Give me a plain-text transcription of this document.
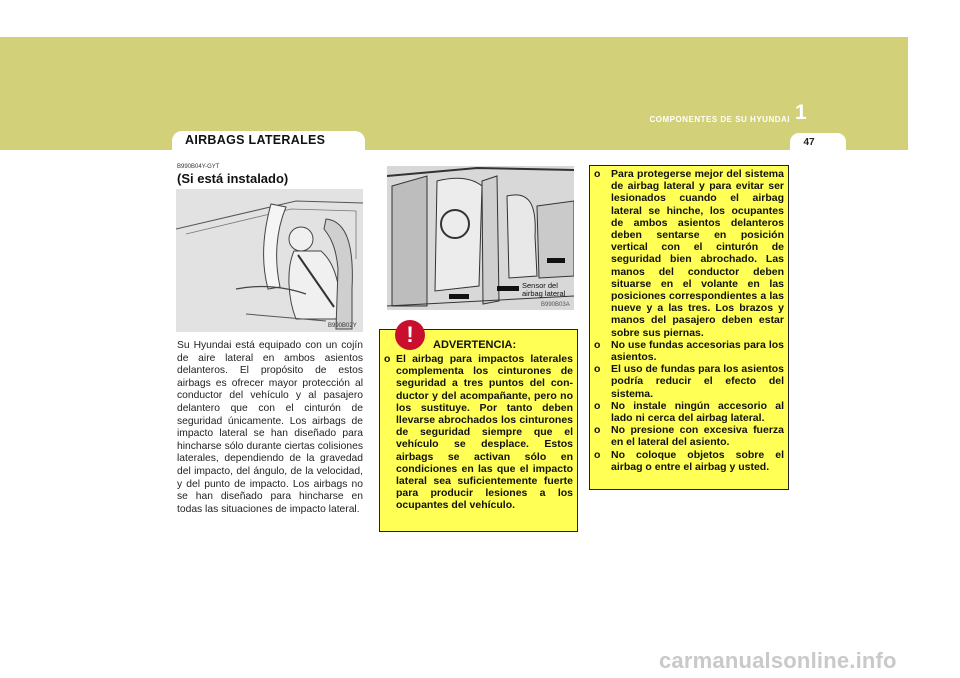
1
COMPONENTES DE SU HYUNDAI
47
AIRBAGS LATERALES
B990B04Y-GYT
(Si está instalado)
B990B02Y

Su Hyundai está equipado con un cojín de aire lateral en ambos asientos delanteros. El propósito de estos airbags es ofrecer mayor protección al conductor del vehículo y al pasajero delantero que con el cinturón de seguridad únicamente. Los airbags de impacto lateral se han diseñado para hincharse sólo durante ciertas colisiones laterales, dependiendo de la gravedad del impacto, del ángulo, de la velocidad, y del punto de impacto. Los airbags no se han diseñado para hincharse en todas las situaciones de impacto lateral.

Sensor del airbag lateral
B990B03A
!	ADVERTENCIA:

o El airbag para impactos laterales complementa los cinturones de seguridad a tres puntos del con-ductor y del acompañante, pero no los sustituye. Por tanto deben llevarse abrochados los cinturones de seguridad siempre que el vehículo se desplace. Estos airbags se activan sólo en condiciones en las que el impacto lateral sea suficientemente fuerte para producir lesiones a los ocupantes del vehículo.

o Para protegerse mejor del sistema de airbag lateral y para evitar ser lesionados cuando el airbag lateral se hinche, los ocupantes de ambos asientos delanteros deben sentarse en posición vertical con el cinturón de seguridad bien abrochado. Las manos del conductor deben situarse en el volante en las posiciones correspondientes a las nueve y a las tres. Los brazos y manos del pasajero deben estar sobre sus piernas.

o No use fundas accesorias para los asientos.

o El uso de fundas para los asientos podría reducir el efecto del sistema.

o No instale ningún accesorio al lado ni cerca del airbag lateral.

o No presione con excesiva fuerza en el lateral del asiento.

o No coloque objetos sobre el airbag o entre el airbag y usted.

carmanualsonline.info
